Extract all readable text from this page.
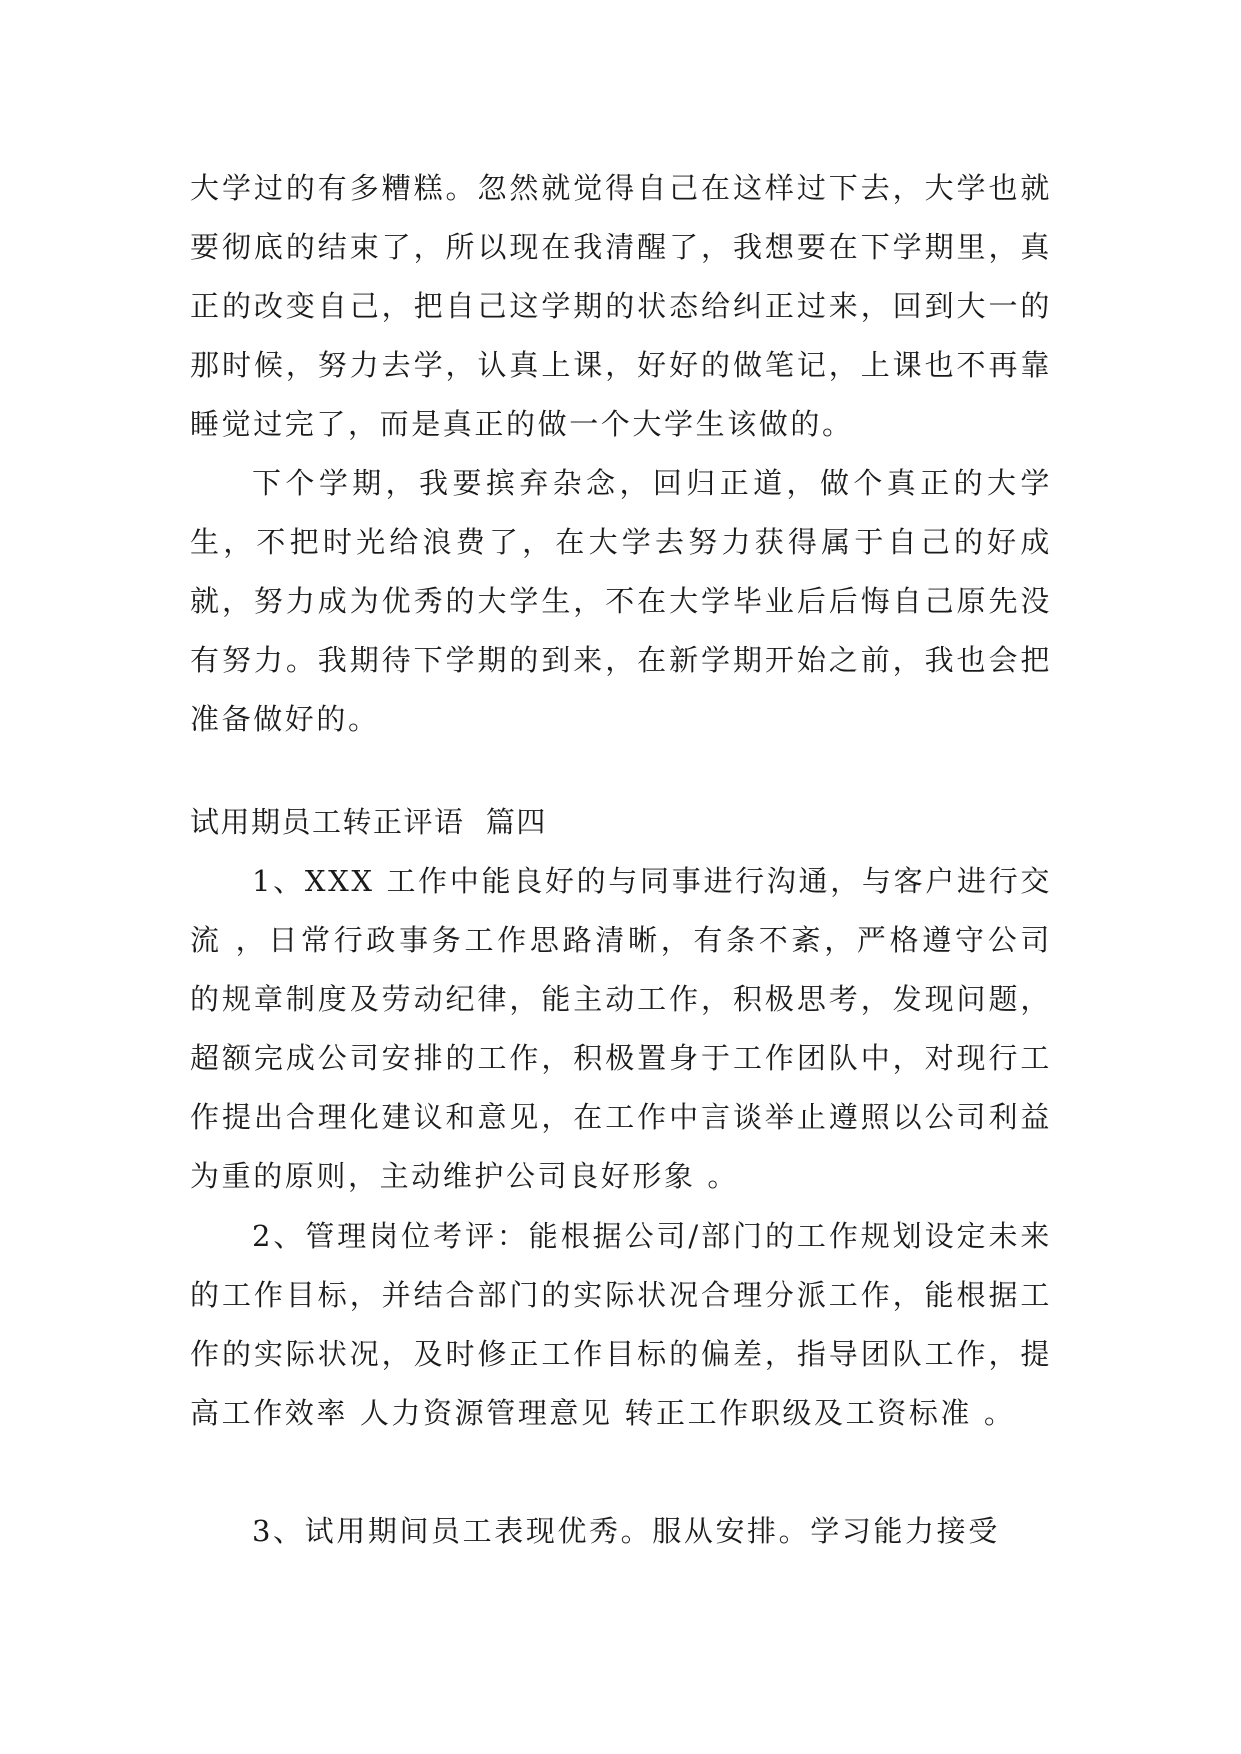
大学过的有多糟糕。忽然就觉得自己在这样过下去，大学也就要彻底的结束了，所以现在我清醒了，我想要在下学期里，真正的改变自己，把自己这学期的状态给纠正过来，回到大一的那时候，努力去学，认真上课，好好的做笔记，上课也不再靠睡觉过完了，而是真正的做一个大学生该做的。

下个学期，我要摈弃杂念，回归正道，做个真正的大学生，不把时光给浪费了，在大学去努力获得属于自己的好成就，努力成为优秀的大学生，不在大学毕业后后悔自己原先没有努力。我期待下学期的到来，在新学期开始之前，我也会把准备做好的。

试用期员工转正评语  篇四

1、XXX 工作中能良好的与同事进行沟通，与客户进行交流 ，日常行政事务工作思路清晰，有条不紊，严格遵守公司的规章制度及劳动纪律，能主动工作，积极思考，发现问题，超额完成公司安排的工作，积极置身于工作团队中，对现行工作提出合理化建议和意见，在工作中言谈举止遵照以公司利益为重的原则，主动维护公司良好形象 。

2、管理岗位考评：能根据公司/部门的工作规划设定未来的工作目标，并结合部门的实际状况合理分派工作，能根据工作的实际状况，及时修正工作目标的偏差，指导团队工作，提高工作效率 人力资源管理意见 转正工作职级及工资标准 。

3、试用期间员工表现优秀。服从安排。学习能力接受
